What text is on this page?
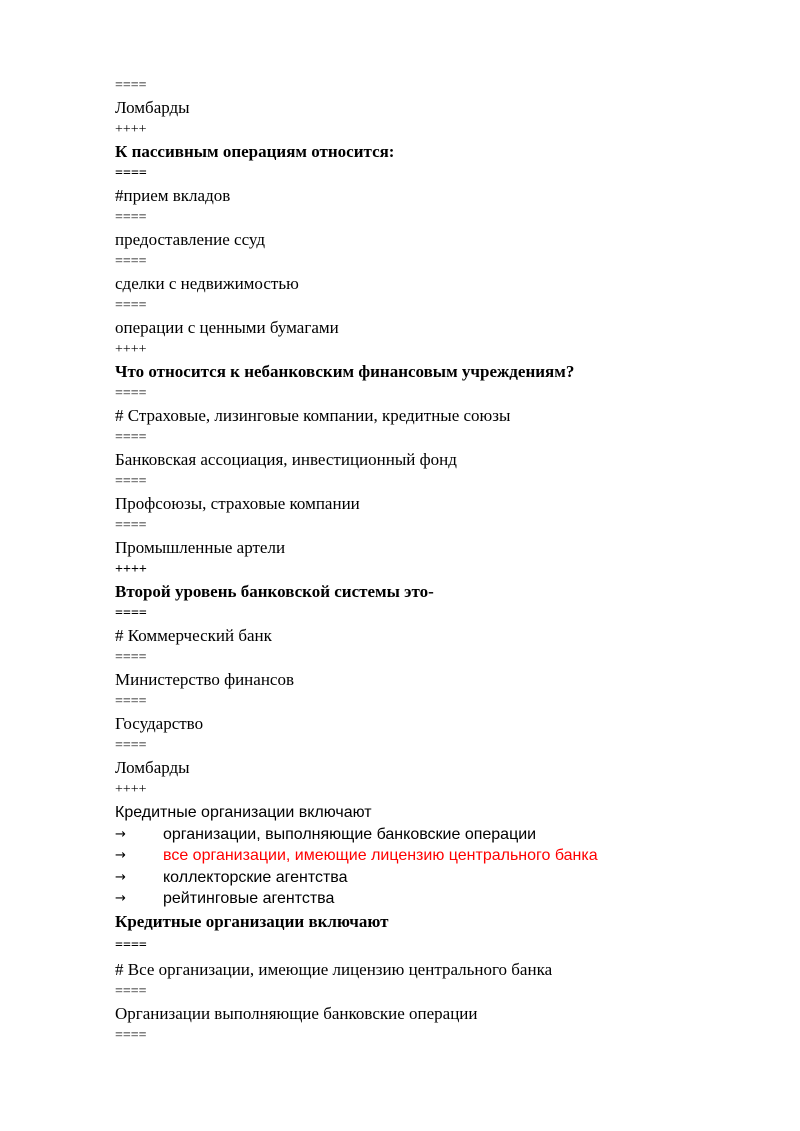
====
Ломбарды
++++
К пассивным операциям относится:
====
#прием вкладов
====
предоставление ссуд
====
сделки с недвижимостью
====
операции с ценными бумагами
++++
Что относится к небанковским финансовым учреждениям?
====
# Страховые, лизинговые компании, кредитные союзы
====
Банковская ассоциация, инвестиционный фонд
====
Профсоюзы, страховые компании
====
Промышленные артели
++++
Второй уровень банковской системы это-
====
# Коммерческий банк
====
Министерство финансов
====
Государство
====
Ломбарды
++++
Кредитные организации включают
→	организации, выполняющие банковские операции
→	все организации, имеющие лицензию центрального банка
→	коллекторские агентства
→	рейтинговые агентства
Кредитные организации включают
====
# Все организации, имеющие лицензию центрального банка
====
Организации выполняющие банковские операции
====
